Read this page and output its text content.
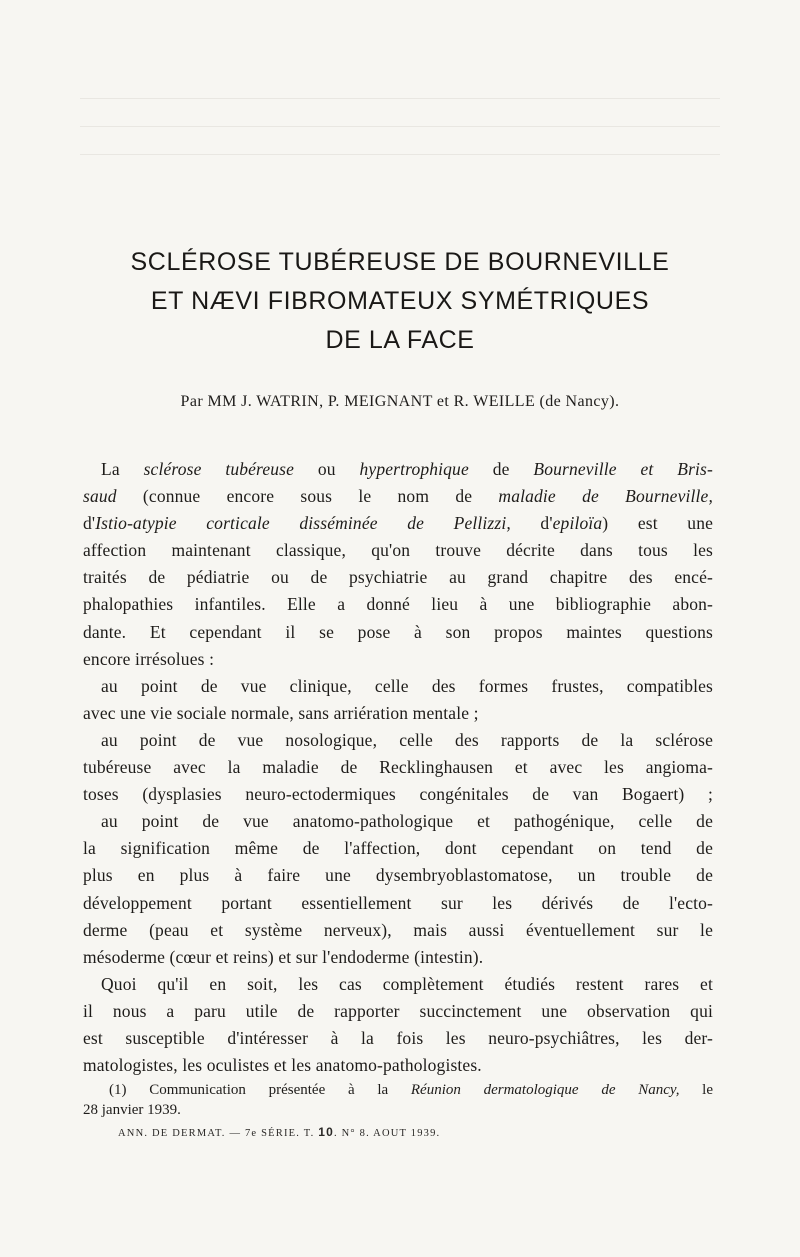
SCLÉROSE TUBÉREUSE DE BOURNEVILLE
ET NÆVI FIBROMATEUX SYMÉTRIQUES
DE LA FACE
Par MM J. WATRIN, P. MEIGNANT et R. WEILLE (de Nancy).
La sclérose tubéreuse ou hypertrophique de Bourneville et Bris-
saud (connue encore sous le nom de maladie de Bourneville,
d'Istio-atypie corticale disséminée de Pellizzi, d'epiloïa) est une
affection maintenant classique, qu'on trouve décrite dans tous les
traités de pédiatrie ou de psychiatrie au grand chapitre des encé-
phalopathies infantiles. Elle a donné lieu à une bibliographie abon-
dante. Et cependant il se pose à son propos maintes questions
encore irrésolues :
au point de vue clinique, celle des formes frustes, compatibles
avec une vie sociale normale, sans arriération mentale ;
au point de vue nosologique, celle des rapports de la sclérose
tubéreuse avec la maladie de Recklinghausen et avec les angioma-
toses (dysplasies neuro-ectodermiques congénitales de van Bogaert) ;
au point de vue anatomo-pathologique et pathogénique, celle de
la signification même de l'affection, dont cependant on tend de
plus en plus à faire une dysembryoblastomatose, un trouble de
développement portant essentiellement sur les dérivés de l'ecto-
derme (peau et système nerveux), mais aussi éventuellement sur le
mésoderme (cœur et reins) et sur l'endoderme (intestin).
Quoi qu'il en soit, les cas complètement étudiés restent rares et
il nous a paru utile de rapporter succinctement une observation qui
est susceptible d'intéresser à la fois les neuro-psychiâtres, les der-
matologistes, les oculistes et les anatomo-pathologistes.
(1) Communication présentée à la Réunion dermatologique de Nancy, le
28 janvier 1939.
ANN. DE DERMAT. — 7e SÉRIE. T. 10. N° 8. AOUT 1939.
